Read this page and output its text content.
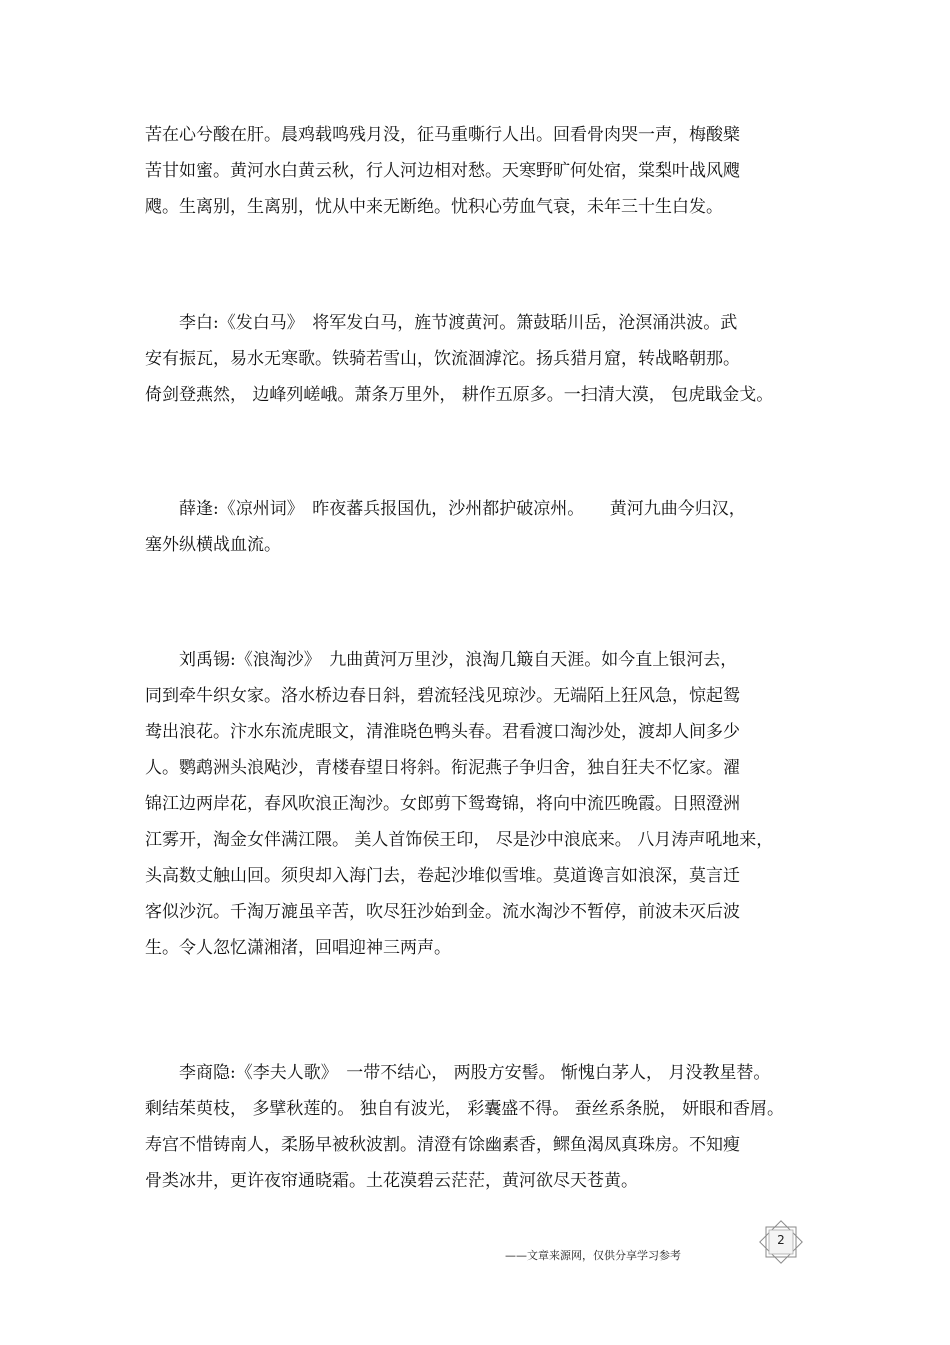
苦在心兮酸在肝。晨鸡载鸣残月没，征马重嘶行人出。回看骨肉哭一声，梅酸檗
苦甘如蜜。黄河水白黄云秋，行人河边相对愁。天寒野旷何处宿，棠梨叶战风飕
飕。生离别，生离别，忧从中来无断绝。忧积心劳血气衰，未年三十生白发。
　　李白:《发白马》　将军发白马，旌节渡黄河。箫鼓聒川岳，沧溟涌洪波。武
安有振瓦，易水无寒歌。铁骑若雪山，饮流涸滹沱。扬兵猎月窟，转战略朝那。
倚剑登燕然， 边峰列嵯峨。萧条万里外， 耕作五原多。一扫清大漠， 包虎戢金戈。
　　薛逢:《凉州词》　昨夜蕃兵报国仇，沙州都护破凉州。　　黄河九曲今归汉，
塞外纵横战血流。
　　刘禹锡:《浪淘沙》　九曲黄河万里沙，浪淘几簸自天涯。如今直上银河去，
同到牵牛织女家。洛水桥边春日斜，碧流轻浅见琼沙。无端陌上狂风急，惊起鸳
鸯出浪花。汴水东流虎眼文，清淮晓色鸭头春。君看渡口淘沙处，渡却人间多少
人。鹦鹉洲头浪飐沙，青楼春望日将斜。衔泥燕子争归舍，独自狂夫不忆家。濯
锦江边两岸花，春风吹浪正淘沙。女郎剪下鸳鸯锦，将向中流匹晚霞。日照澄洲
江雾开，淘金女伴满江隈。 美人首饰侯王印， 尽是沙中浪底来。 八月涛声吼地来，
头高数丈触山回。须臾却入海门去，卷起沙堆似雪堆。莫道谗言如浪深，莫言迁
客似沙沉。千淘万漉虽辛苦，吹尽狂沙始到金。流水淘沙不暂停，前波未灭后波
生。令人忽忆潇湘渚，回唱迎神三两声。
　　李商隐:《李夫人歌》　一带不结心， 两股方安髻。 惭愧白茅人， 月没教星替。
剩结茱萸枝， 多擘秋莲的。 独自有波光， 彩囊盛不得。 蚕丝系条脱， 妍眼和香屑。
寿宫不惜铸南人，柔肠早被秋波割。清澄有馀幽素香，鳏鱼渴凤真珠房。不知瘦
骨类冰井，更许夜帘通晓霜。土花漠碧云茫茫，黄河欲尽天苍黄。
——文章来源网，仅供分享学习参考
2
